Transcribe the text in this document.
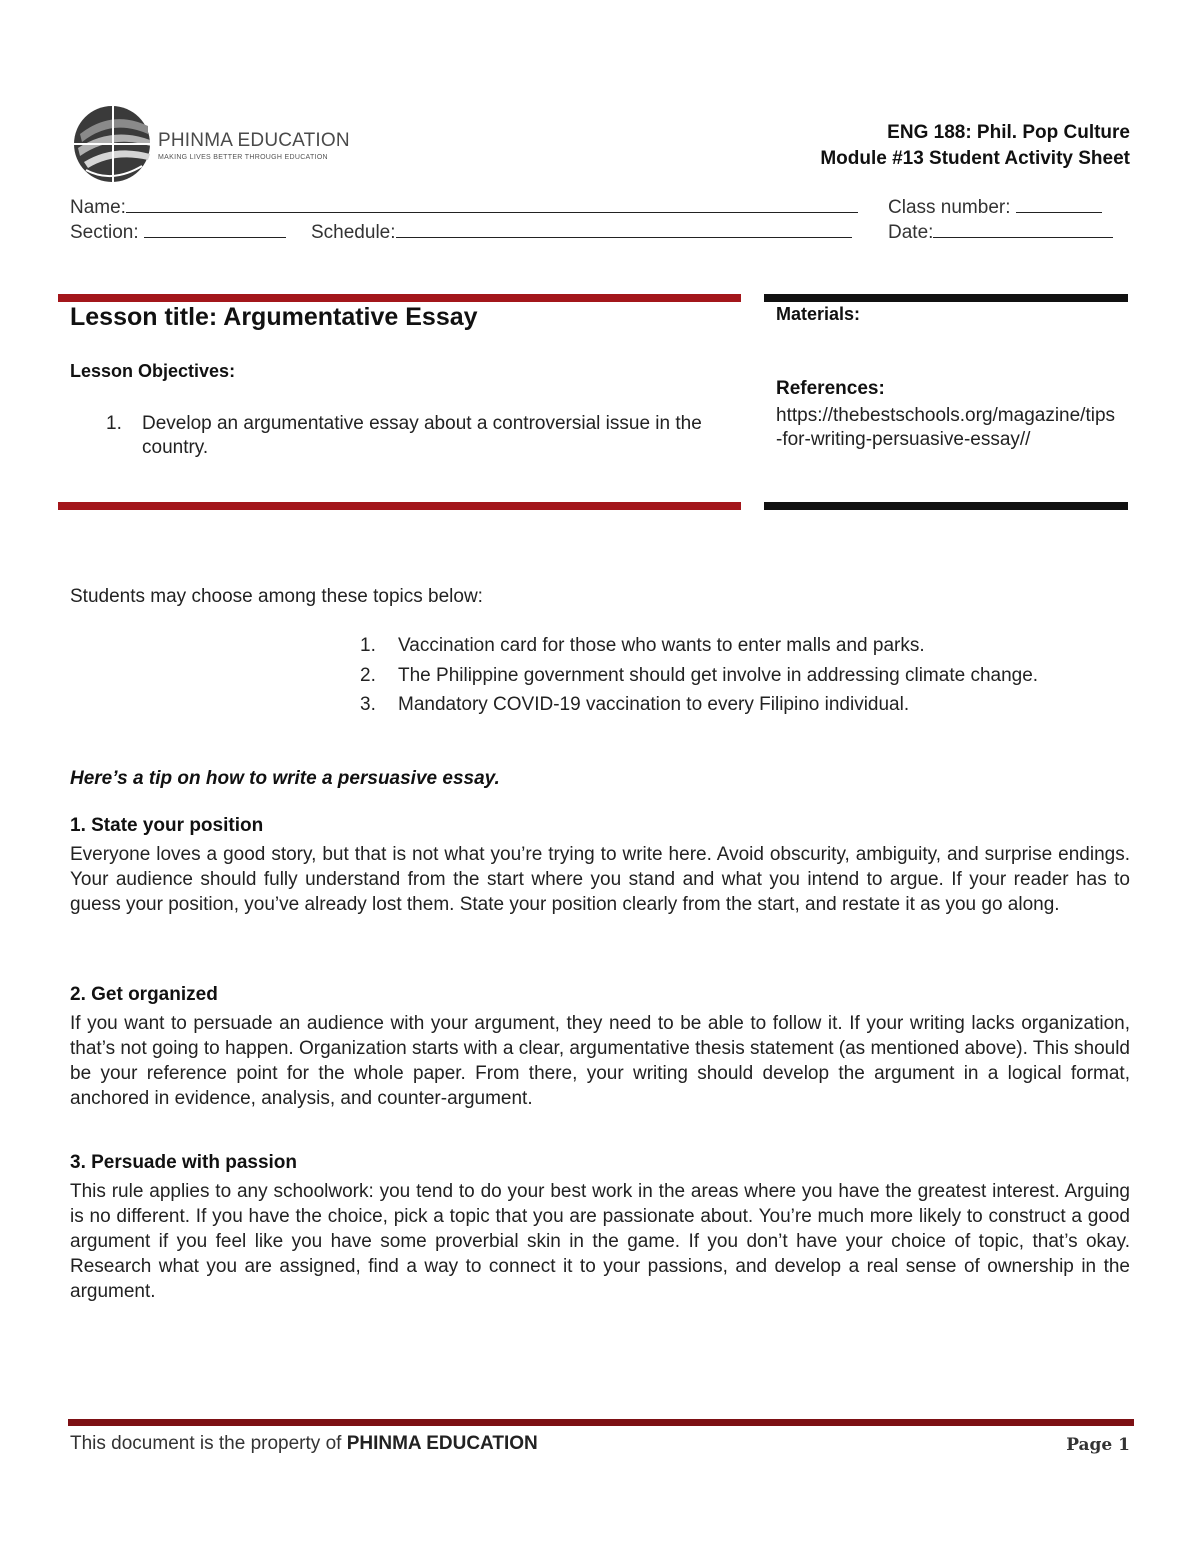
PHINMA EDUCATION
MAKING LIVES BETTER THROUGH EDUCATION
ENG 188: Phil. Pop Culture
Module #13 Student Activity Sheet
Name:	Class number:
Section:	Schedule:	Date:
Lesson title: Argumentative Essay
Lesson Objectives:
1. Develop an argumentative essay about a controversial issue in the country.
Materials:
References:
https://thebestschools.org/magazine/tips-for-writing-persuasive-essay//
Students may choose among these topics below:
1. Vaccination card for those who wants to enter malls and parks.
2. The Philippine government should get involve in addressing climate change.
3. Mandatory COVID-19 vaccination to every Filipino individual.
Here’s a tip on how to write a persuasive essay.
1. State your position
Everyone loves a good story, but that is not what you’re trying to write here. Avoid obscurity, ambiguity, and surprise endings. Your audience should fully understand from the start where you stand and what you intend to argue. If your reader has to guess your position, you’ve already lost them. State your position clearly from the start, and restate it as you go along.
2. Get organized
If you want to persuade an audience with your argument, they need to be able to follow it. If your writing lacks organization, that’s not going to happen. Organization starts with a clear, argumentative thesis statement (as mentioned above). This should be your reference point for the whole paper. From there, your writing should develop the argument in a logical format, anchored in evidence, analysis, and counter-argument.
3. Persuade with passion
This rule applies to any schoolwork: you tend to do your best work in the areas where you have the greatest interest. Arguing is no different. If you have the choice, pick a topic that you are passionate about. You’re much more likely to construct a good argument if you feel like you have some proverbial skin in the game. If you don’t have your choice of topic, that’s okay. Research what you are assigned, find a way to connect it to your passions, and develop a real sense of ownership in the argument.
This document is the property of PHINMA EDUCATION	Page 1
